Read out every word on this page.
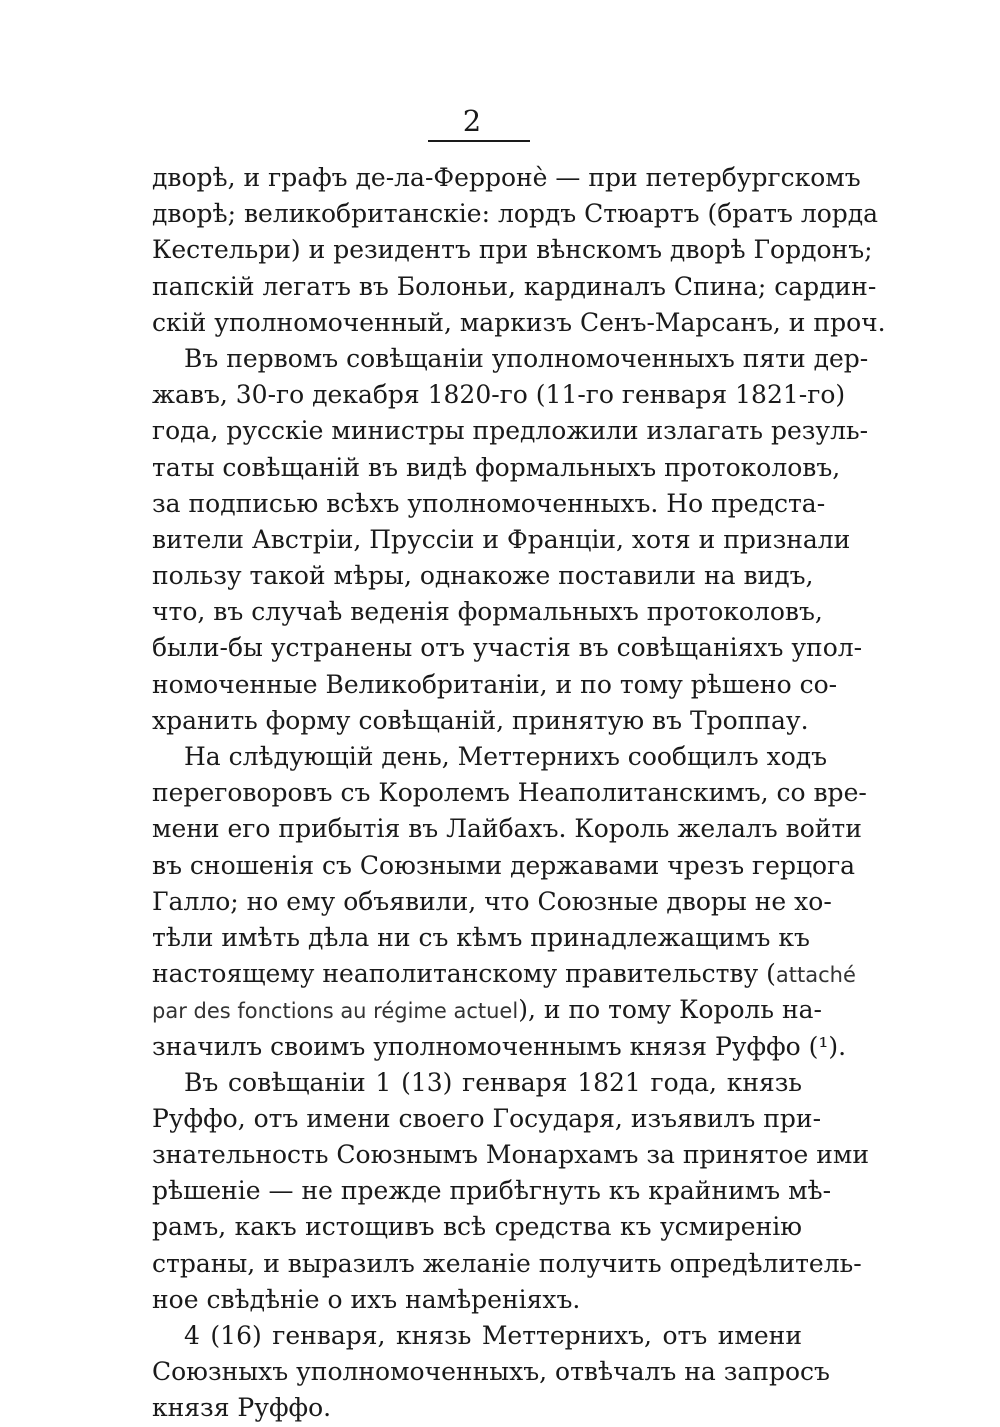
2
дворѣ, и графъ де-ла-Ферронѐ — при петербургскомъ
дворѣ; великобританскіе: лордъ Стюартъ (братъ лорда
Кестельри) и резидентъ при вѣнскомъ дворѣ Гордонъ;
папскій легатъ въ Болоньи, кардиналъ Спина; сардин-
скій уполномоченный, маркизъ Сенъ-Марсанъ, и проч.
Въ первомъ совѣщаніи уполномоченныхъ пяти дер-
жавъ, 30-го декабря 1820-го (11-го генваря 1821-го)
года, русскіе министры предложили излагать резуль-
таты совѣщаній въ видѣ формальныхъ протоколовъ,
за подписью всѣхъ уполномоченныхъ. Но предста-
вители Австріи, Пруссіи и Франціи, хотя и признали
пользу такой мѣры, однакоже поставили на видъ,
что, въ случаѣ веденія формальныхъ протоколовъ,
были-бы устранены отъ участія въ совѣщаніяхъ упол-
номоченные Великобританіи, и по тому рѣшено со-
хранить форму совѣщаній, принятую въ Троппау.
На слѣдующій день, Меттернихъ сообщилъ ходъ
переговоровъ съ Королемъ Неаполитанскимъ, со вре-
мени его прибытія въ Лайбахъ. Король желалъ войти
въ сношенія съ Союзными державами чрезъ герцога
Галло; но ему объявили, что Союзные дворы не хо-
тѣли имѣть дѣла ни съ кѣмъ принадлежащимъ къ
настоящему неаполитанскому правительству (attaché
par des fonctions au régime actuel), и по тому Король на-
значилъ своимъ уполномоченнымъ князя Руффо (¹).
Въ совѣщаніи 1 (13) генваря 1821 года, князь
Руффо, отъ имени своего Государя, изъявилъ при-
знательность Союзнымъ Монархамъ за принятое ими
рѣшеніе — не прежде прибѣгнуть къ крайнимъ мѣ-
рамъ, какъ истощивъ всѣ средства къ усмиренію
страны, и выразилъ желаніе получить опредѣлитель-
ное свѣдѣніе о ихъ намѣреніяхъ.
4 (16) генваря, князь Меттернихъ, отъ имени
Союзныхъ уполномоченныхъ, отвѣчалъ на запросъ
князя Руффо.
